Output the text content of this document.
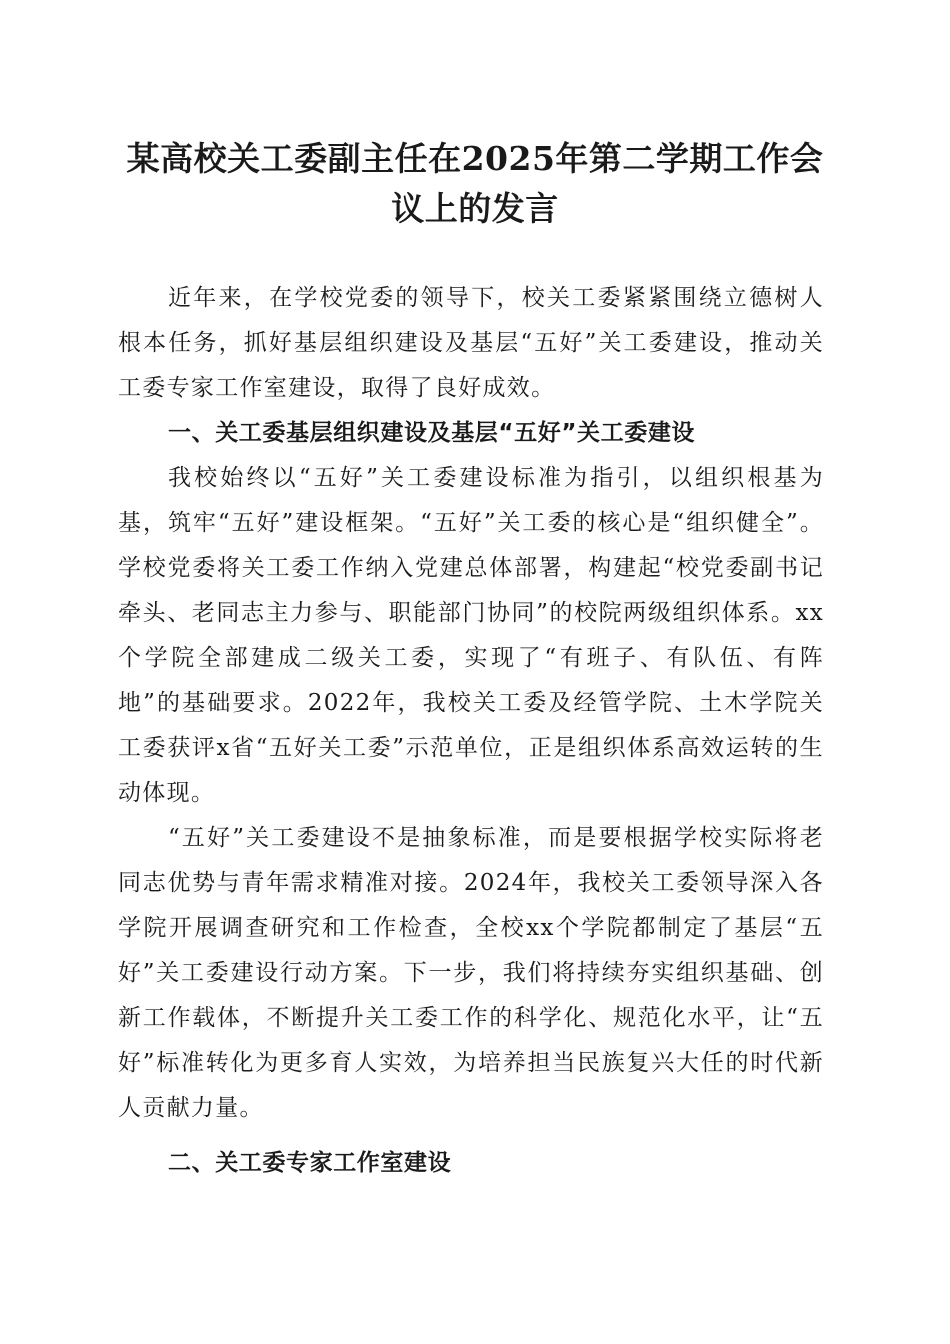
某高校关工委副主任在2025年第二学期工作会议上的发言

近年来，在学校党委的领导下，校关工委紧紧围绕立德树人根本任务，抓好基层组织建设及基层“五好”关工委建设，推动关工委专家工作室建设，取得了良好成效。

一、关工委基层组织建设及基层“五好”关工委建设

我校始终以“五好”关工委建设标准为指引，以组织根基为基，筑牢“五好”建设框架。“五好”关工委的核心是“组织健全”。学校党委将关工委工作纳入党建总体部署，构建起“校党委副书记牵头、老同志主力参与、职能部门协同”的校院两级组织体系。xx个学院全部建成二级关工委，实现了“有班子、有队伍、有阵地”的基础要求。2022年，我校关工委及经管学院、土木学院关工委获评x省“五好关工委”示范单位，正是组织体系高效运转的生动体现。

“五好”关工委建设不是抽象标准，而是要根据学校实际将老同志优势与青年需求精准对接。2024年，我校关工委领导深入各学院开展调查研究和工作检查，全校xx个学院都制定了基层“五好”关工委建设行动方案。下一步，我们将持续夯实组织基础、创新工作载体，不断提升关工委工作的科学化、规范化水平，让“五好”标准转化为更多育人实效，为培养担当民族复兴大任的时代新人贡献力量。

二、关工委专家工作室建设
